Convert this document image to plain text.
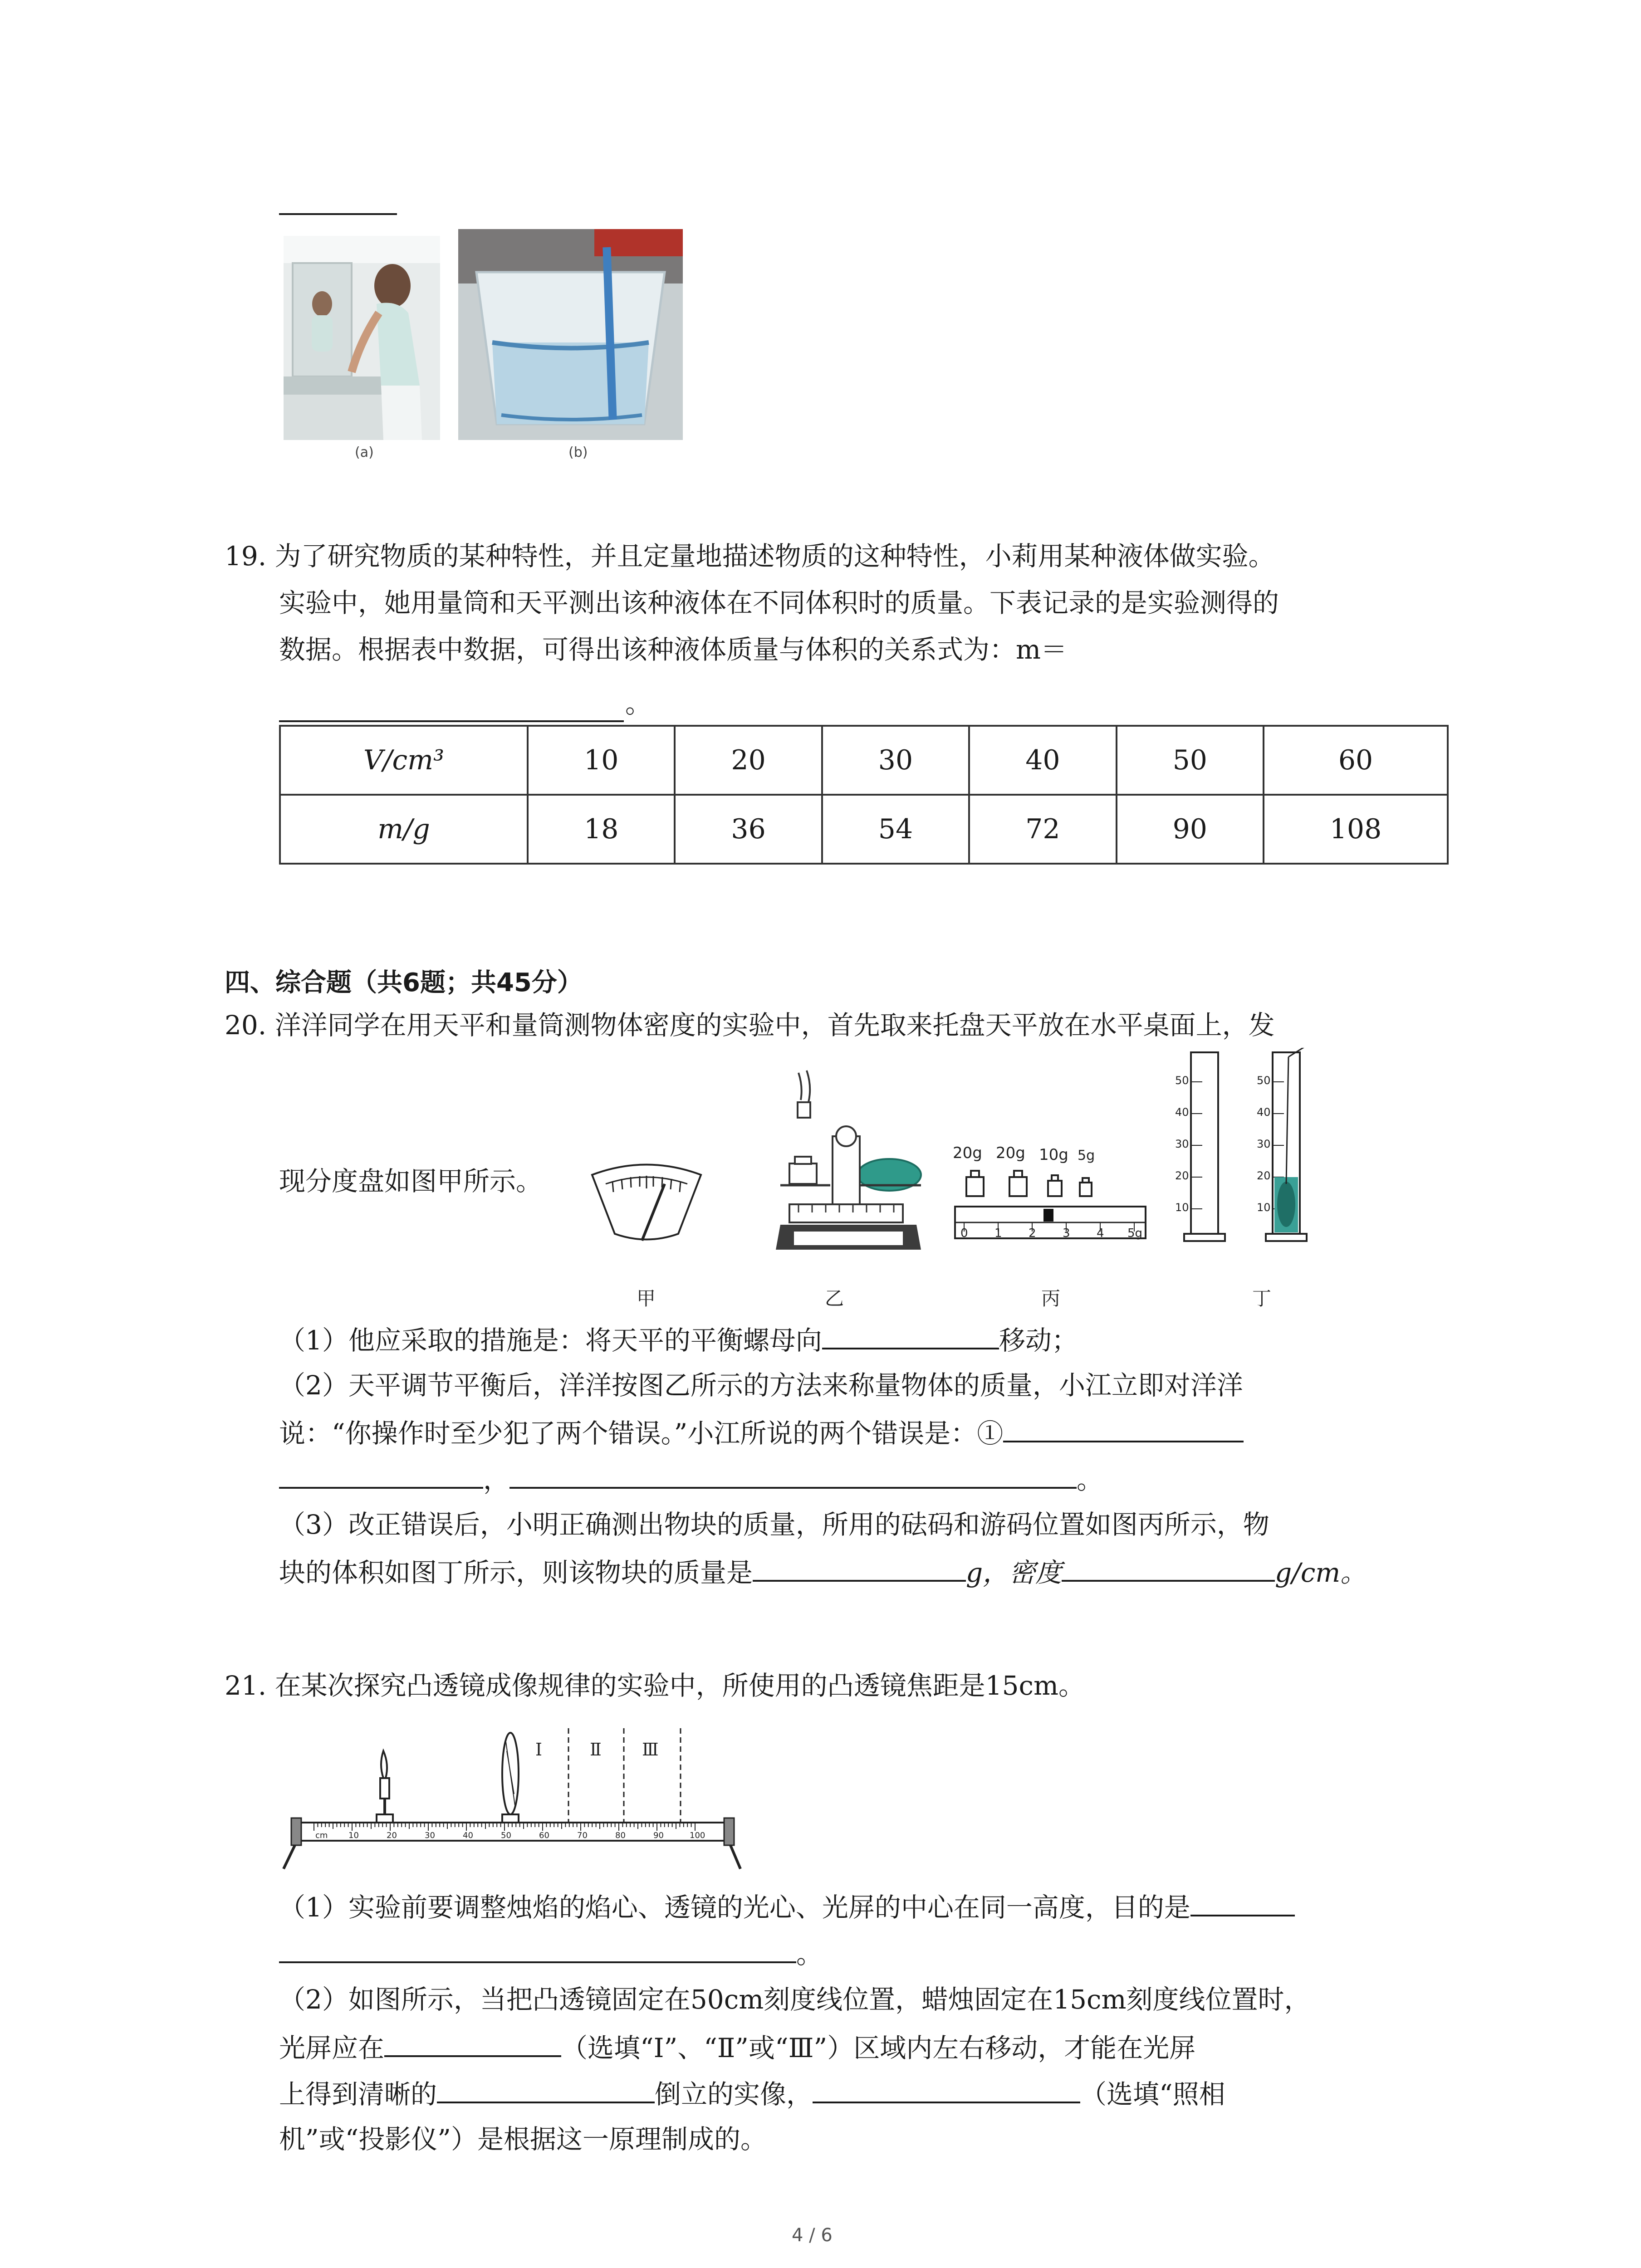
(a)	(b)
19. 为了研究物质的某种特性，并且定量地描述物质的这种特性，小莉用某种液体做实验。
实验中，她用量筒和天平测出该种液体在不同体积时的质量。下表记录的是实验测得的
数据。根据表中数据，可得出该种液体质量与体积的关系式为：m＝
。
V/cm³	10	20	30	40	50	60
m/g	18	36	54	72	90	108
四、综合题（共6题；共45分）
20. 洋洋同学在用天平和量筒测物体密度的实验中，首先取来托盘天平放在水平桌面上，发
现分度盘如图甲所示。
20g 20g 10g 5g
0 1 2 3 4 5g
50
40
30
20
10
50
40
30
20
10
甲	乙	丙	丁
（1）他应采取的措施是：将天平的平衡螺母向	移动；
（2）天平调节平衡后，洋洋按图乙所示的方法来称量物体的质量，小江立即对洋洋
说：“你操作时至少犯了两个错误。”小江所说的两个错误是：①
，	。
（3）改正错误后，小明正确测出物块的质量，所用的砝码和游码位置如图丙所示，物
块的体积如图丁所示，则该物块的质量是	g，密度	g/cm。
21. 在某次探究凸透镜成像规律的实验中，所使用的凸透镜焦距是15cm。
Ⅰ	Ⅱ Ⅲ
cm	10	20	30	40	50	60	70	80	90	100
（1）实验前要调整烛焰的焰心、透镜的光心、光屏的中心在同一高度，目的是
。
（2）如图所示，当把凸透镜固定在50cm刻度线位置，蜡烛固定在15cm刻度线位置时，
光屏应在	（选填“Ⅰ”、“Ⅱ”或“Ⅲ”）区域内左右移动，才能在光屏
上得到清晰的	倒立的实像，	（选填“照相
机”或“投影仪”）是根据这一原理制成的。
4 / 6
